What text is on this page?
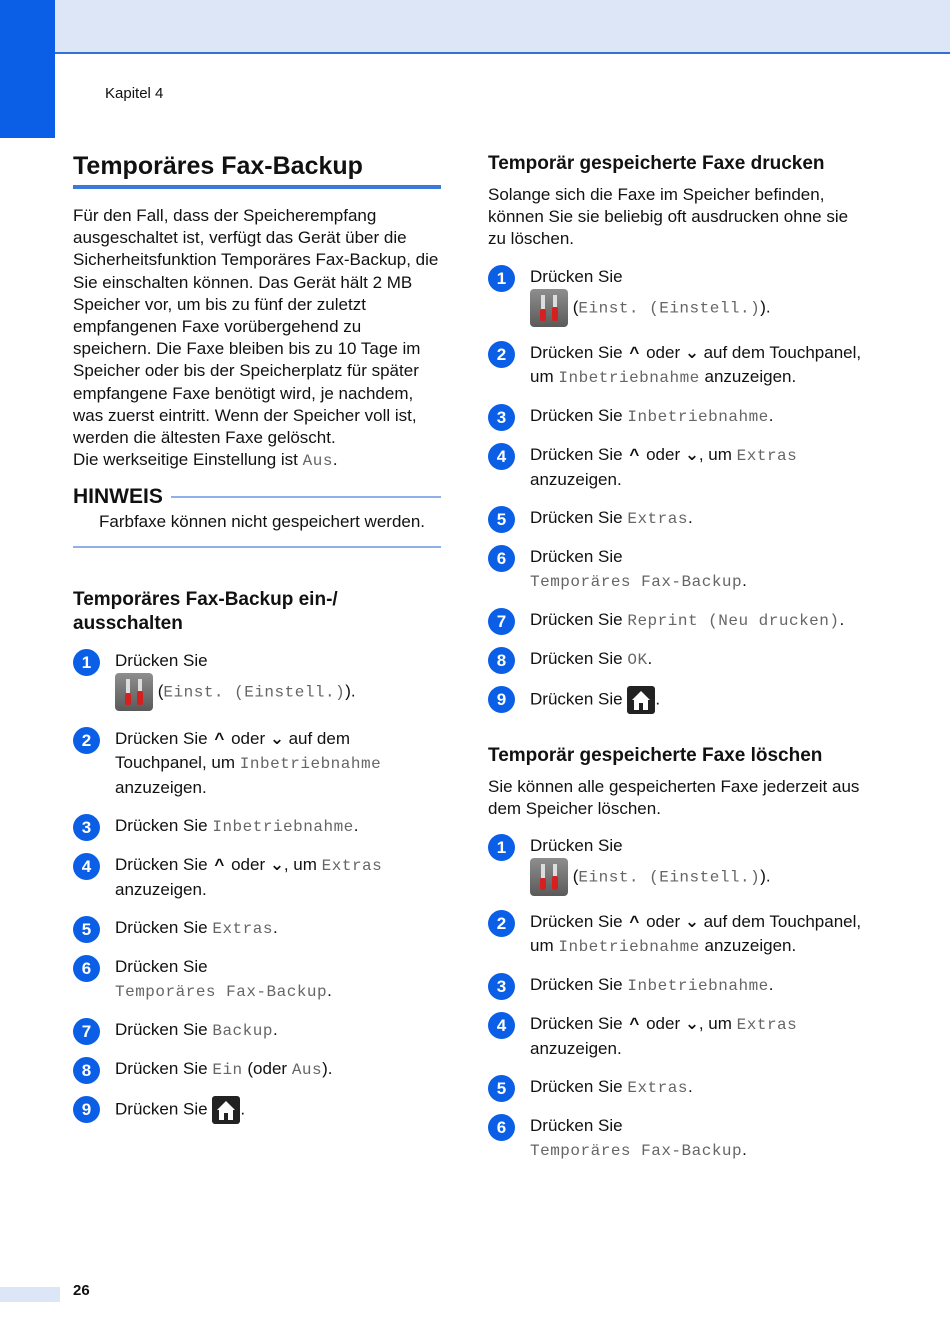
Kapitel 4
Temporäres Fax-Backup

Für den Fall, dass der Speicherempfang ausgeschaltet ist, verfügt das Gerät über die Sicherheitsfunktion Temporäres Fax-Backup, die Sie einschalten können. Das Gerät hält 2 MB Speicher vor, um bis zu fünf der zuletzt empfangenen Faxe vorübergehend zu speichern. Die Faxe bleiben bis zu 10 Tage im Speicher oder bis der Speicherplatz für später empfangene Faxe benötigt wird, je nachdem, was zuerst eintritt. Wenn der Speicher voll ist, werden die ältesten Faxe gelöscht.

Die werkseitige Einstellung ist Aus.

HINWEIS
Farbfaxe können nicht gespeichert werden.
Temporäres Fax-Backup ein-/ ausschalten
1	Drücken Sie

(Einst. (Einstell.)).
2	Drücken Sie ^ oder ⌄ auf dem Touchpanel, um Inbetriebnahme anzuzeigen.
3	Drücken Sie Inbetriebnahme.
4	Drücken Sie ^ oder ⌄, um Extras
anzuzeigen.
5	Drücken Sie Extras.
6	Drücken Sie
Temporäres Fax-Backup.
7	Drücken Sie Backup.
8	Drücken Sie Ein (oder Aus).
9	Drücken Sie .
Temporär gespeicherte Faxe drucken

Solange sich die Faxe im Speicher befinden, können Sie sie beliebig oft ausdrucken ohne sie zu löschen.

1	Drücken Sie

(Einst. (Einstell.)).
2	Drücken Sie ^ oder ⌄ auf dem Touchpanel, um Inbetriebnahme anzuzeigen.
3	Drücken Sie Inbetriebnahme.
4	Drücken Sie ^ oder ⌄, um Extras
anzuzeigen.
5	Drücken Sie Extras.
6	Drücken Sie
Temporäres Fax-Backup.
7	Drücken Sie Reprint (Neu drucken).
8	Drücken Sie OK.
9	Drücken Sie .
Temporär gespeicherte Faxe löschen

Sie können alle gespeicherten Faxe jederzeit aus dem Speicher löschen.

1	Drücken Sie

(Einst. (Einstell.)).
2	Drücken Sie ^ oder ⌄ auf dem Touchpanel, um Inbetriebnahme anzuzeigen.
3	Drücken Sie Inbetriebnahme.
4	Drücken Sie ^ oder ⌄, um Extras
anzuzeigen.
5	Drücken Sie Extras.
6	Drücken Sie
Temporäres Fax-Backup.
26
